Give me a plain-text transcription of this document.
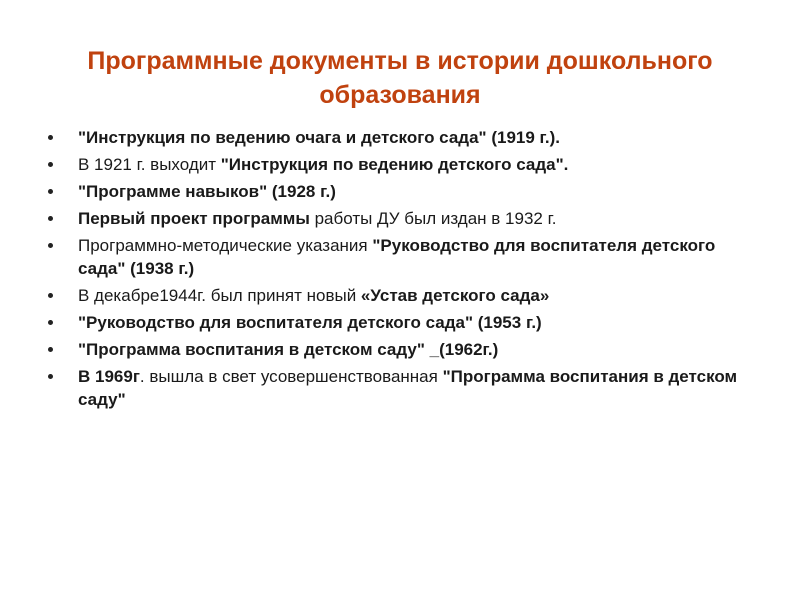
Программные документы в истории дошкольного образования
"Инструкция по ведению очага и детского сада" (1919 г.).
В 1921 г. выходит "Инструкция по ведению детского сада".
"Программе навыков" (1928 г.)
Первый проект программы работы ДУ был издан в 1932 г.
Программно-методические указания "Руководство для воспитателя детского сада" (1938 г.)
В декабре1944г. был принят новый «Устав детского сада»
"Руководство для воспитателя детского сада" (1953 г.)
"Программа воспитания в детском саду" _(1962г.)
В 1969г. вышла в свет усовершенствованная "Программа воспитания в детском саду"
